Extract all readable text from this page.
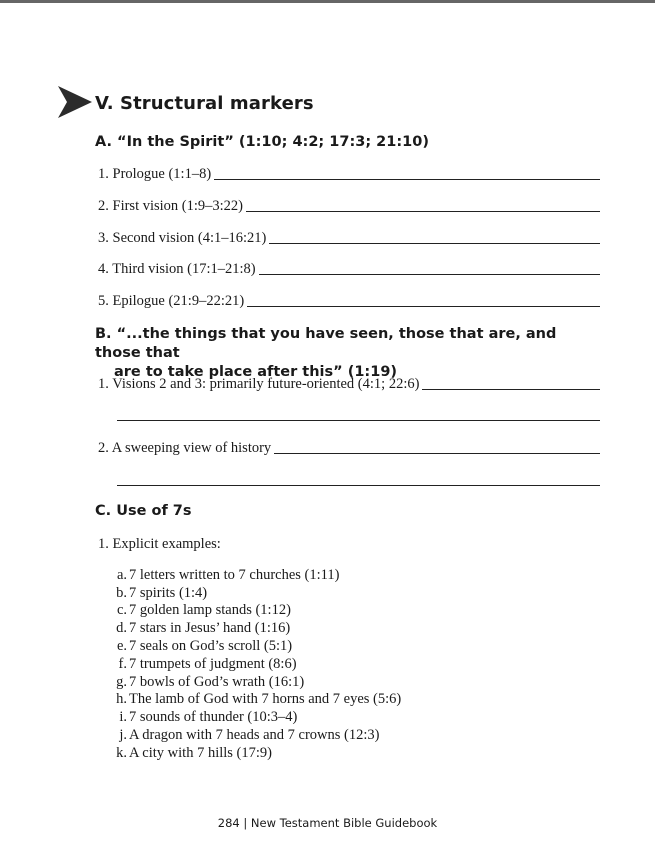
V. Structural markers
A. “In the Spirit” (1:10; 4:2; 17:3; 21:10)
1. Prologue (1:1–8)
2. First vision (1:9–3:22)
3. Second vision (4:1–16:21)
4. Third vision (17:1–21:8)
5. Epilogue (21:9–22:21)
B. “...the things that you have seen, those that are, and those that
are to take place after this” (1:19)
1. Visions 2 and 3: primarily future-oriented (4:1; 22:6)
2. A sweeping view of history
C. Use of 7s
1. Explicit examples:
a. 7 letters written to 7 churches (1:11)
b. 7 spirits (1:4)
c. 7 golden lamp stands (1:12)
d. 7 stars in Jesus’ hand (1:16)
e. 7 seals on God’s scroll (5:1)
f. 7 trumpets of judgment (8:6)
g. 7 bowls of God’s wrath (16:1)
h. The lamb of God with 7 horns and 7 eyes (5:6)
i. 7 sounds of thunder (10:3–4)
j. A dragon with 7 heads and 7 crowns (12:3)
k. A city with 7 hills (17:9)
284 | New Testament Bible Guidebook
